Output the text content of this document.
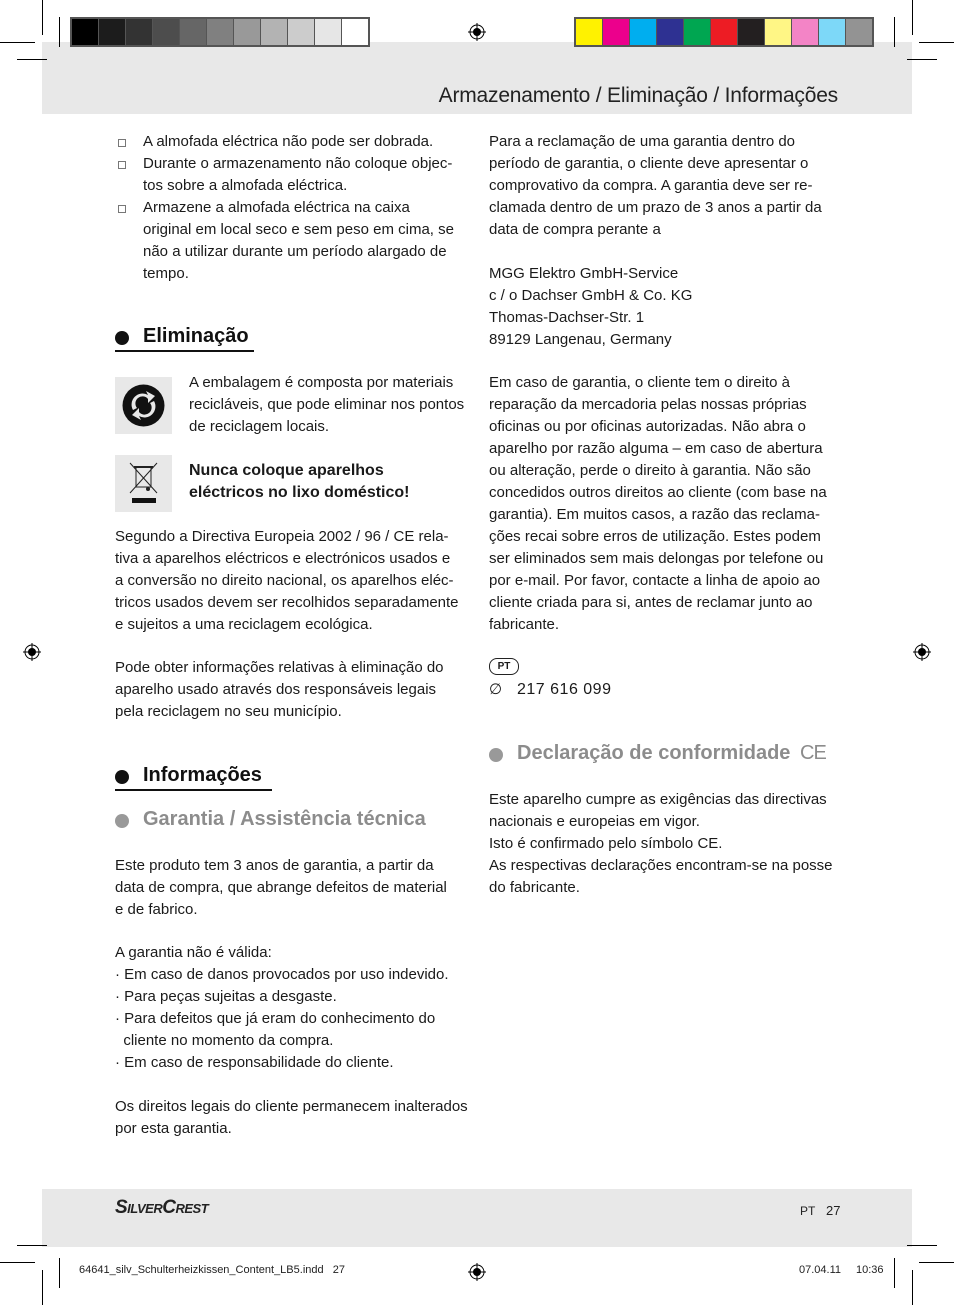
Armazenamento / Eliminação / Informações
A almofada eléctrica não pode ser dobrada.
Durante o armazenamento não coloque objec-
tos sobre a almofada eléctrica.
Armazene a almofada eléctrica na caixa
original em local seco e sem peso em cima, se
não a utilizar durante um período alargado de
tempo.
Eliminação
A embalagem é composta por materiais
recicláveis, que pode eliminar nos pontos
de reciclagem locais.
Nunca coloque aparelhos
eléctricos no lixo doméstico!
Segundo a Directiva Europeia 2002 / 96 / CE rela-
tiva a aparelhos eléctricos e electrónicos usados e
a conversão no direito nacional, os aparelhos eléc-
tricos usados devem ser recolhidos separadamente
e sujeitos a uma reciclagem ecológica.
Pode obter informações relativas à eliminação do
aparelho usado através dos responsáveis legais
pela reciclagem no seu município.
Informações
Garantia / Assistência técnica
Este produto tem 3 anos de garantia, a partir da
data de compra, que abrange defeitos de material
e de fabrico.
A garantia não é válida:
· Em caso de danos provocados por uso indevido.
· Para peças sujeitas a desgaste.
· Para defeitos que já eram do conhecimento do
cliente no momento da compra.
· Em caso de responsabilidade do cliente.
Os direitos legais do cliente permanecem inalterados
por esta garantia.
Para a reclamação de uma garantia dentro do
período de garantia, o cliente deve apresentar o
comprovativo da compra. A garantia deve ser re-
clamada dentro de um prazo de 3 anos a partir da
data de compra perante a
MGG Elektro GmbH-Service
c / o Dachser GmbH & Co. KG
Thomas-Dachser-Str. 1
89129 Langenau, Germany
Em caso de garantia, o cliente tem o direito à
reparação da mercadoria pelas nossas próprias
oficinas ou por oficinas autorizadas. Não abra o
aparelho por razão alguma – em caso de abertura
ou alteração, perde o direito à garantia. Não são
concedidos outros direitos ao cliente (com base na
garantia). Em muitos casos, a razão das reclama-
ções recai sobre erros de utilização. Estes podem
ser eliminados sem mais delongas por telefone ou
por e-mail. Por favor, contacte a linha de apoio ao
cliente criada para si, antes de reclamar junto ao
fabricante.
PT
∅ 217 616 099
Declaração de conformidade CE
Este aparelho cumpre as exigências das directivas
nacionais e europeias em vigor.
Isto é confirmado pelo símbolo CE.
As respectivas declarações encontram-se na posse
do fabricante.
SilverCrest	PT 27
64641_silv_Schulterheizkissen_Content_LB5.indd   27	07.04.11 10:36
